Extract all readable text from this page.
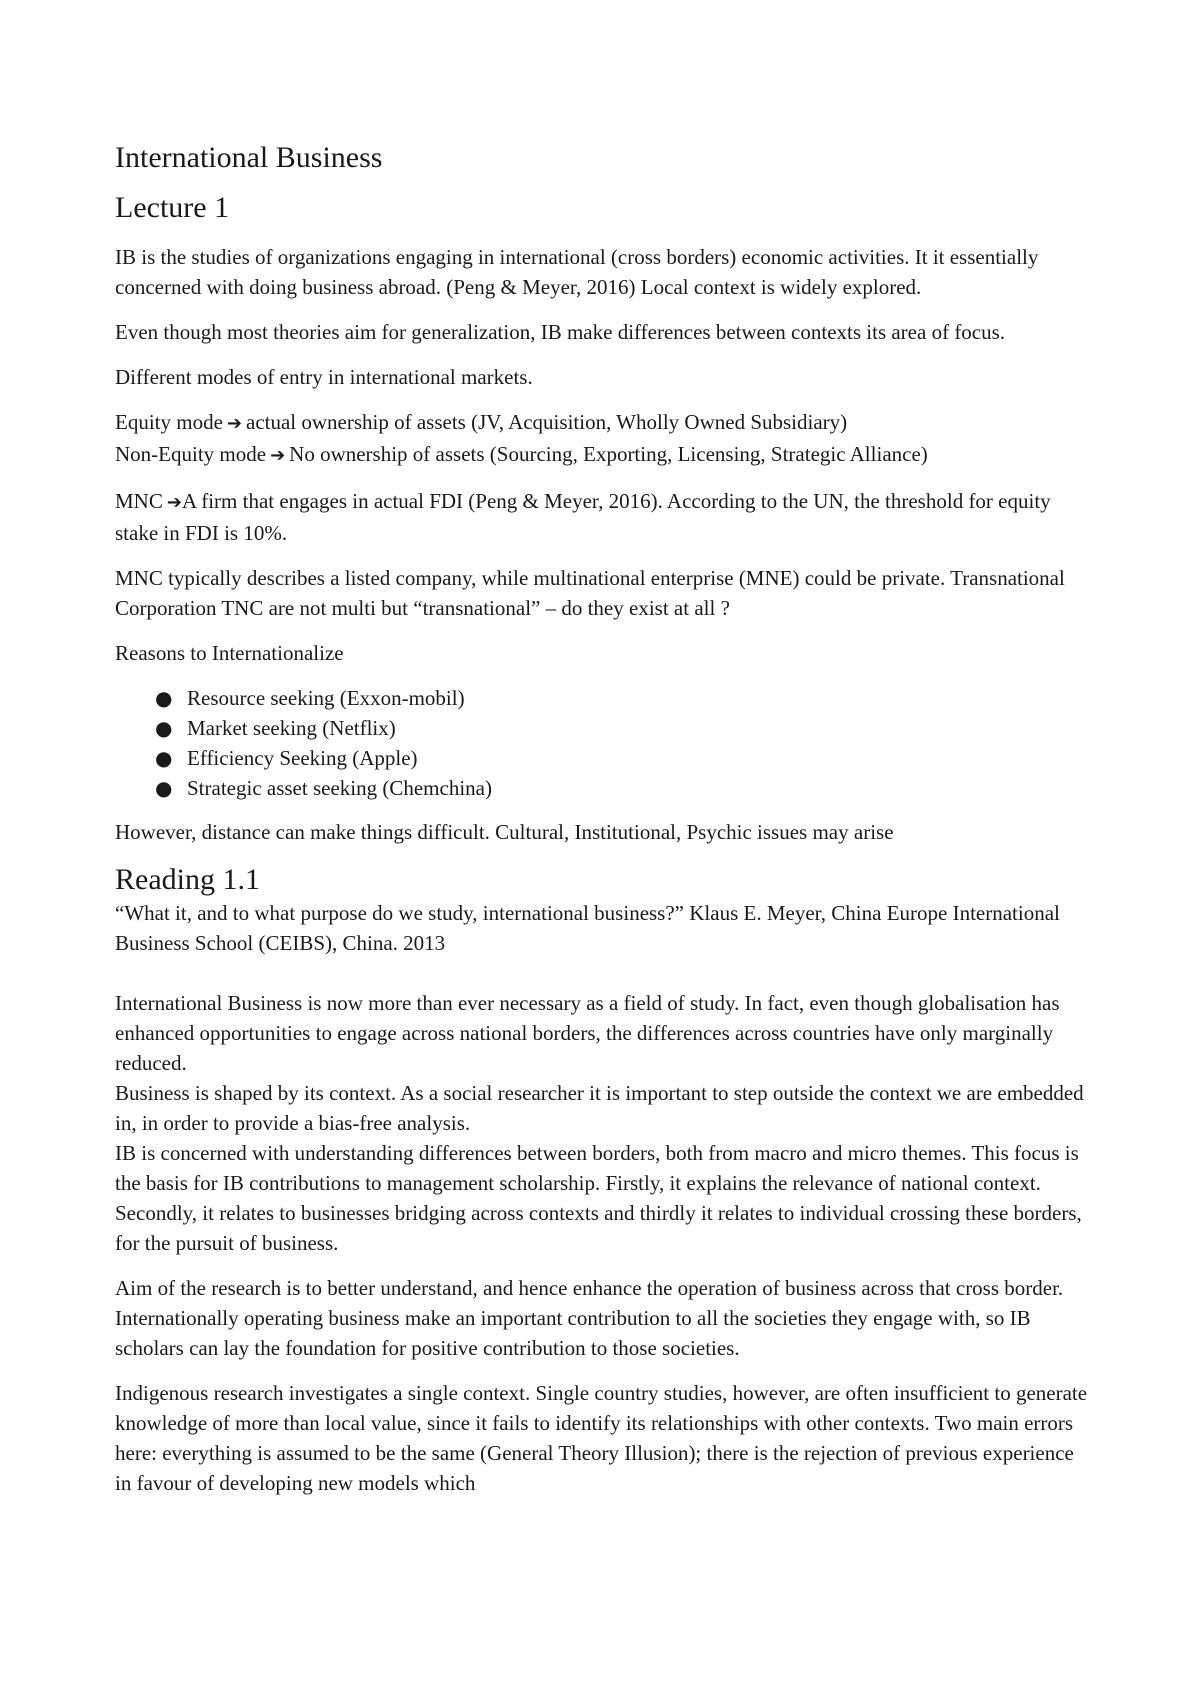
International Business
Lecture 1

IB is the studies of organizations engaging in international (cross borders) economic activities. It it essentially concerned with doing business abroad. (Peng & Meyer, 2016) Local context is widely explored.

Even though most theories aim for generalization, IB make differences between contexts its area of focus.

Different modes of entry in international markets.

Equity mode ➔ actual ownership of assets (JV, Acquisition, Wholly Owned Subsidiary)

Non-Equity mode ➔ No ownership of assets (Sourcing, Exporting, Licensing, Strategic Alliance)

MNC ➔A firm that engages in actual FDI (Peng & Meyer, 2016). According to the UN, the threshold for equity stake in FDI is 10%.

MNC typically describes a listed company, while multinational enterprise (MNE) could be private. Transnational Corporation TNC are not multi but “transnational” – do they exist at all ?

Reasons to Internationalize

● Resource seeking (Exxon-mobil)
● Market seeking (Netflix)
● Efficiency Seeking (Apple)
● Strategic asset seeking (Chemchina)

However, distance can make things difficult. Cultural, Institutional, Psychic issues may arise

Reading 1.1

“What it, and to what purpose do we study, international business?” Klaus E. Meyer, China Europe International Business School (CEIBS), China. 2013

International Business is now more than ever necessary as a field of study. In fact, even though globalisation has enhanced opportunities to engage across national borders, the differences across countries have only marginally reduced.

Business is shaped by its context. As a social researcher it is important to step outside the context we are embedded in, in order to provide a bias-free analysis.

IB is concerned with understanding differences between borders, both from macro and micro themes. This focus is the basis for IB contributions to management scholarship. Firstly, it explains the relevance of national context. Secondly, it relates to businesses bridging across contexts and thirdly it relates to individual crossing these borders, for the pursuit of business.

Aim of the research is to better understand, and hence enhance the operation of business across that cross border. Internationally operating business make an important contribution to all the societies they engage with, so IB scholars can lay the foundation for positive contribution to those societies.

Indigenous research investigates a single context. Single country studies, however, are often insufficient to generate knowledge of more than local value, since it fails to identify its relationships with other contexts. Two main errors here: everything is assumed to be the same (General Theory Illusion); there is the rejection of previous experience in favour of developing new models which
